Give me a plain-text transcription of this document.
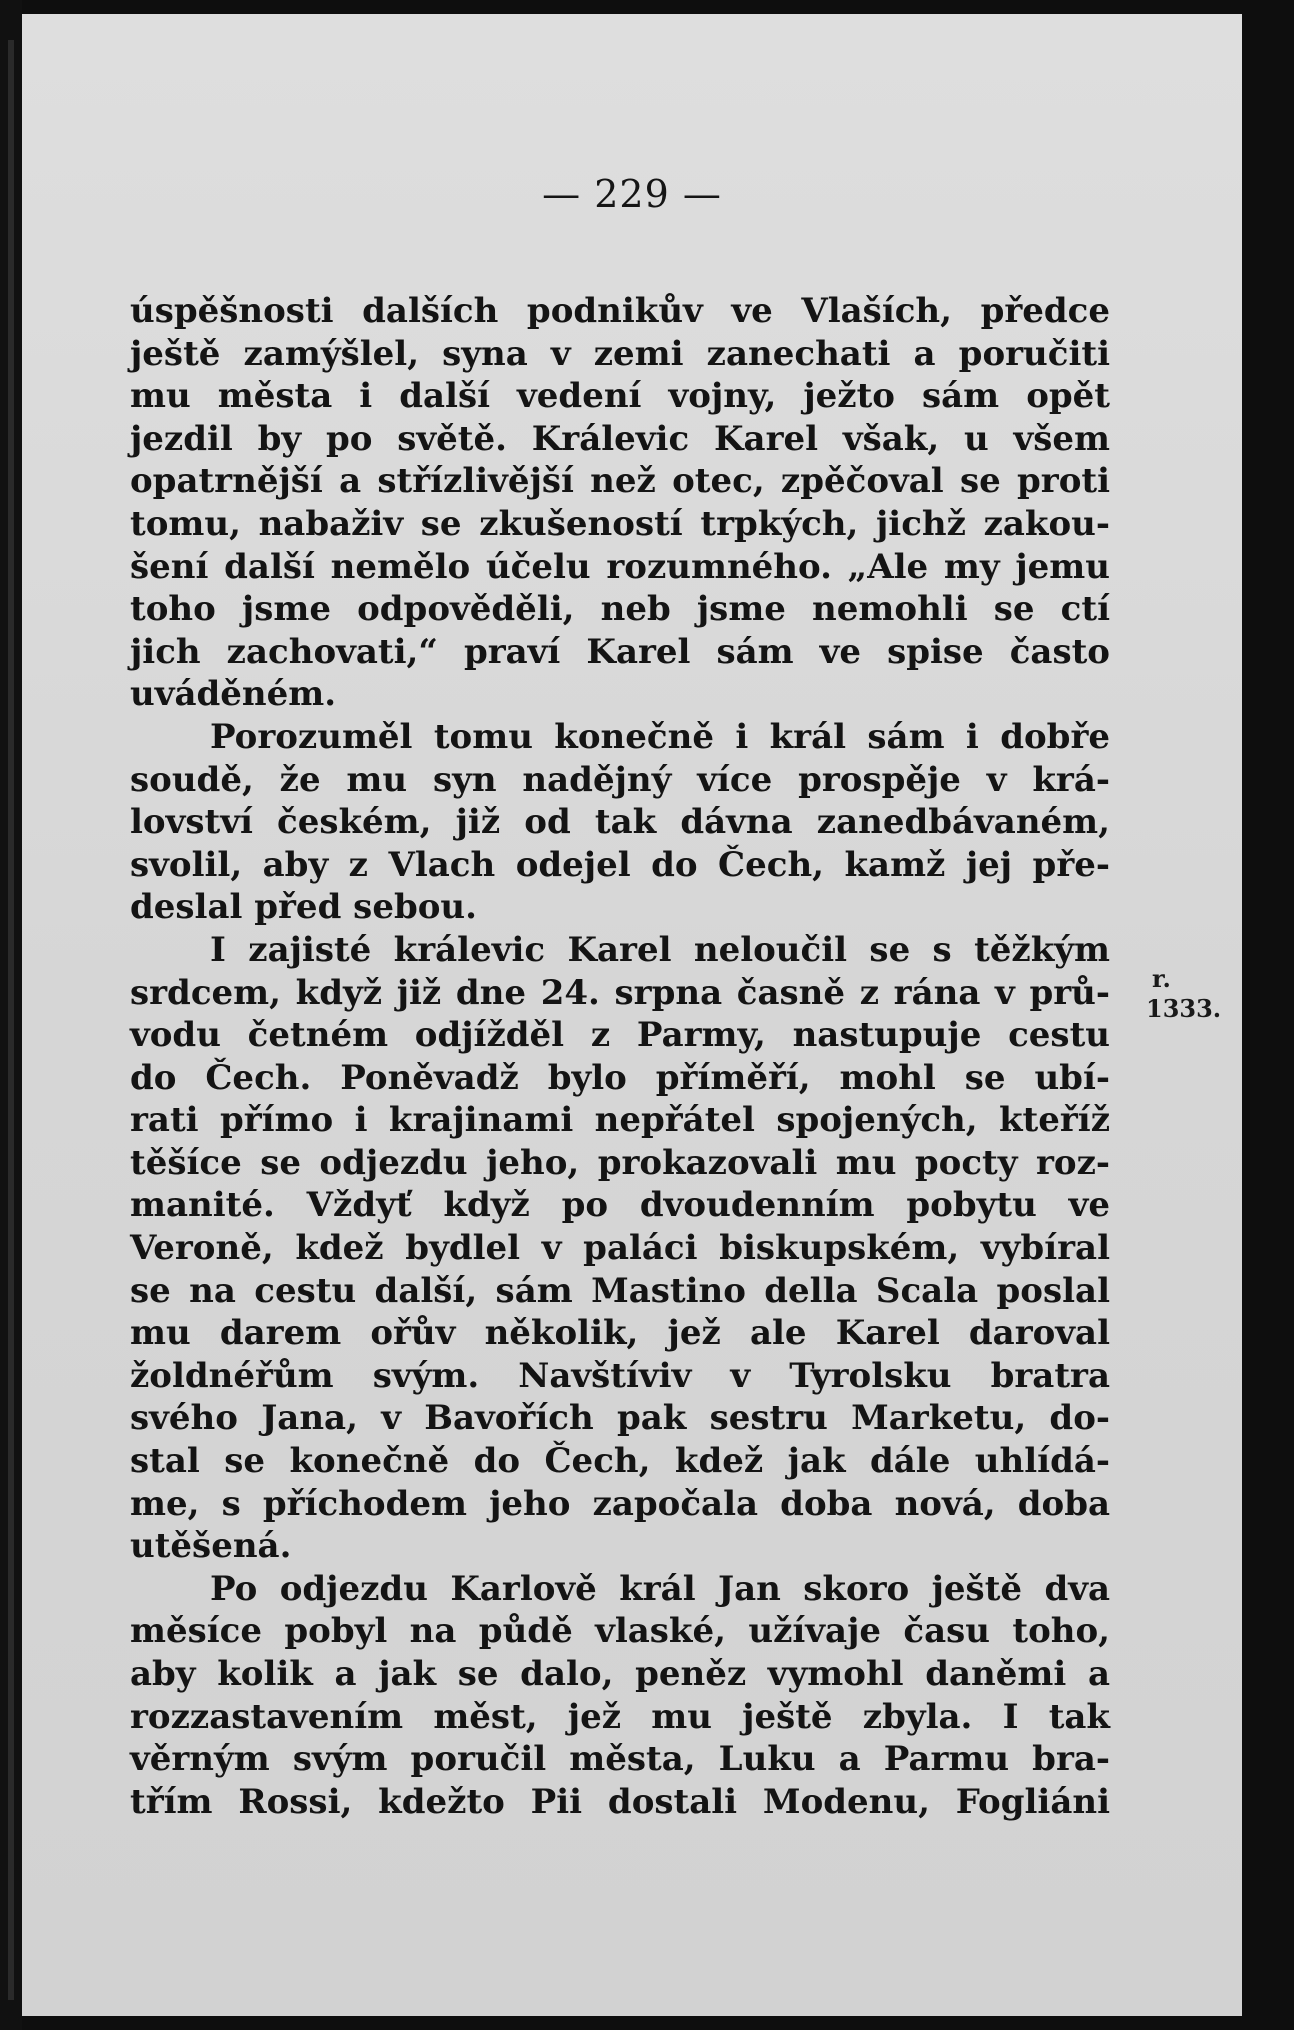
— 229 —
úspěšnosti dalších podnikův ve Vlaších, předce
ještě zamýšlel, syna v zemi zanechati a poručiti
mu města i další vedení vojny, ježto sám opět
jezdil by po světě. Králevic Karel však, u všem
opatrnější a střízlivější než otec, zpěčoval se proti
tomu, nabaživ se zkušeností trpkých, jichž zakou-
šení další nemělo účelu rozumného. „Ale my jemu
toho jsme odpověděli, neb jsme nemohli se ctí
jich zachovati,“ praví Karel sám ve spise často
uváděném.
Porozuměl tomu konečně i král sám i dobře
soudě, že mu syn nadějný více prospěje v krá-
lovství českém, již od tak dávna zanedbávaném,
svolil, aby z Vlach odejel do Čech, kamž jej pře-
deslal před sebou.
I zajisté králevic Karel neloučil se s těžkým
srdcem, když již dne 24. srpna časně z rána v prů-
vodu četném odjížděl z Parmy, nastupuje cestu
do Čech. Poněvadž bylo příměří, mohl se ubí-
rati přímo i krajinami nepřátel spojených, kteříž
těšíce se odjezdu jeho, prokazovali mu pocty roz-
manité. Vždyť když po dvoudenním pobytu ve
Veroně, kdež bydlel v paláci biskupském, vybíral
se na cestu další, sám Mastino della Scala poslal
mu darem ořův několik, jež ale Karel daroval
žoldnéřům svým. Navštíviv v Tyrolsku bratra
svého Jana, v Bavořích pak sestru Marketu, do-
stal se konečně do Čech, kdež jak dále uhlídá-
me, s příchodem jeho započala doba nová, doba
utěšená.
Po odjezdu Karlově král Jan skoro ještě dva
měsíce pobyl na půdě vlaské, užívaje času toho,
aby kolik a jak se dalo, peněz vymohl daněmi a
rozzastavením měst, jež mu ještě zbyla. I tak
věrným svým poručil města, Luku a Parmu bra-
třím Rossi, kdežto Pii dostali Modenu, Fogliáni
r.
1333.
